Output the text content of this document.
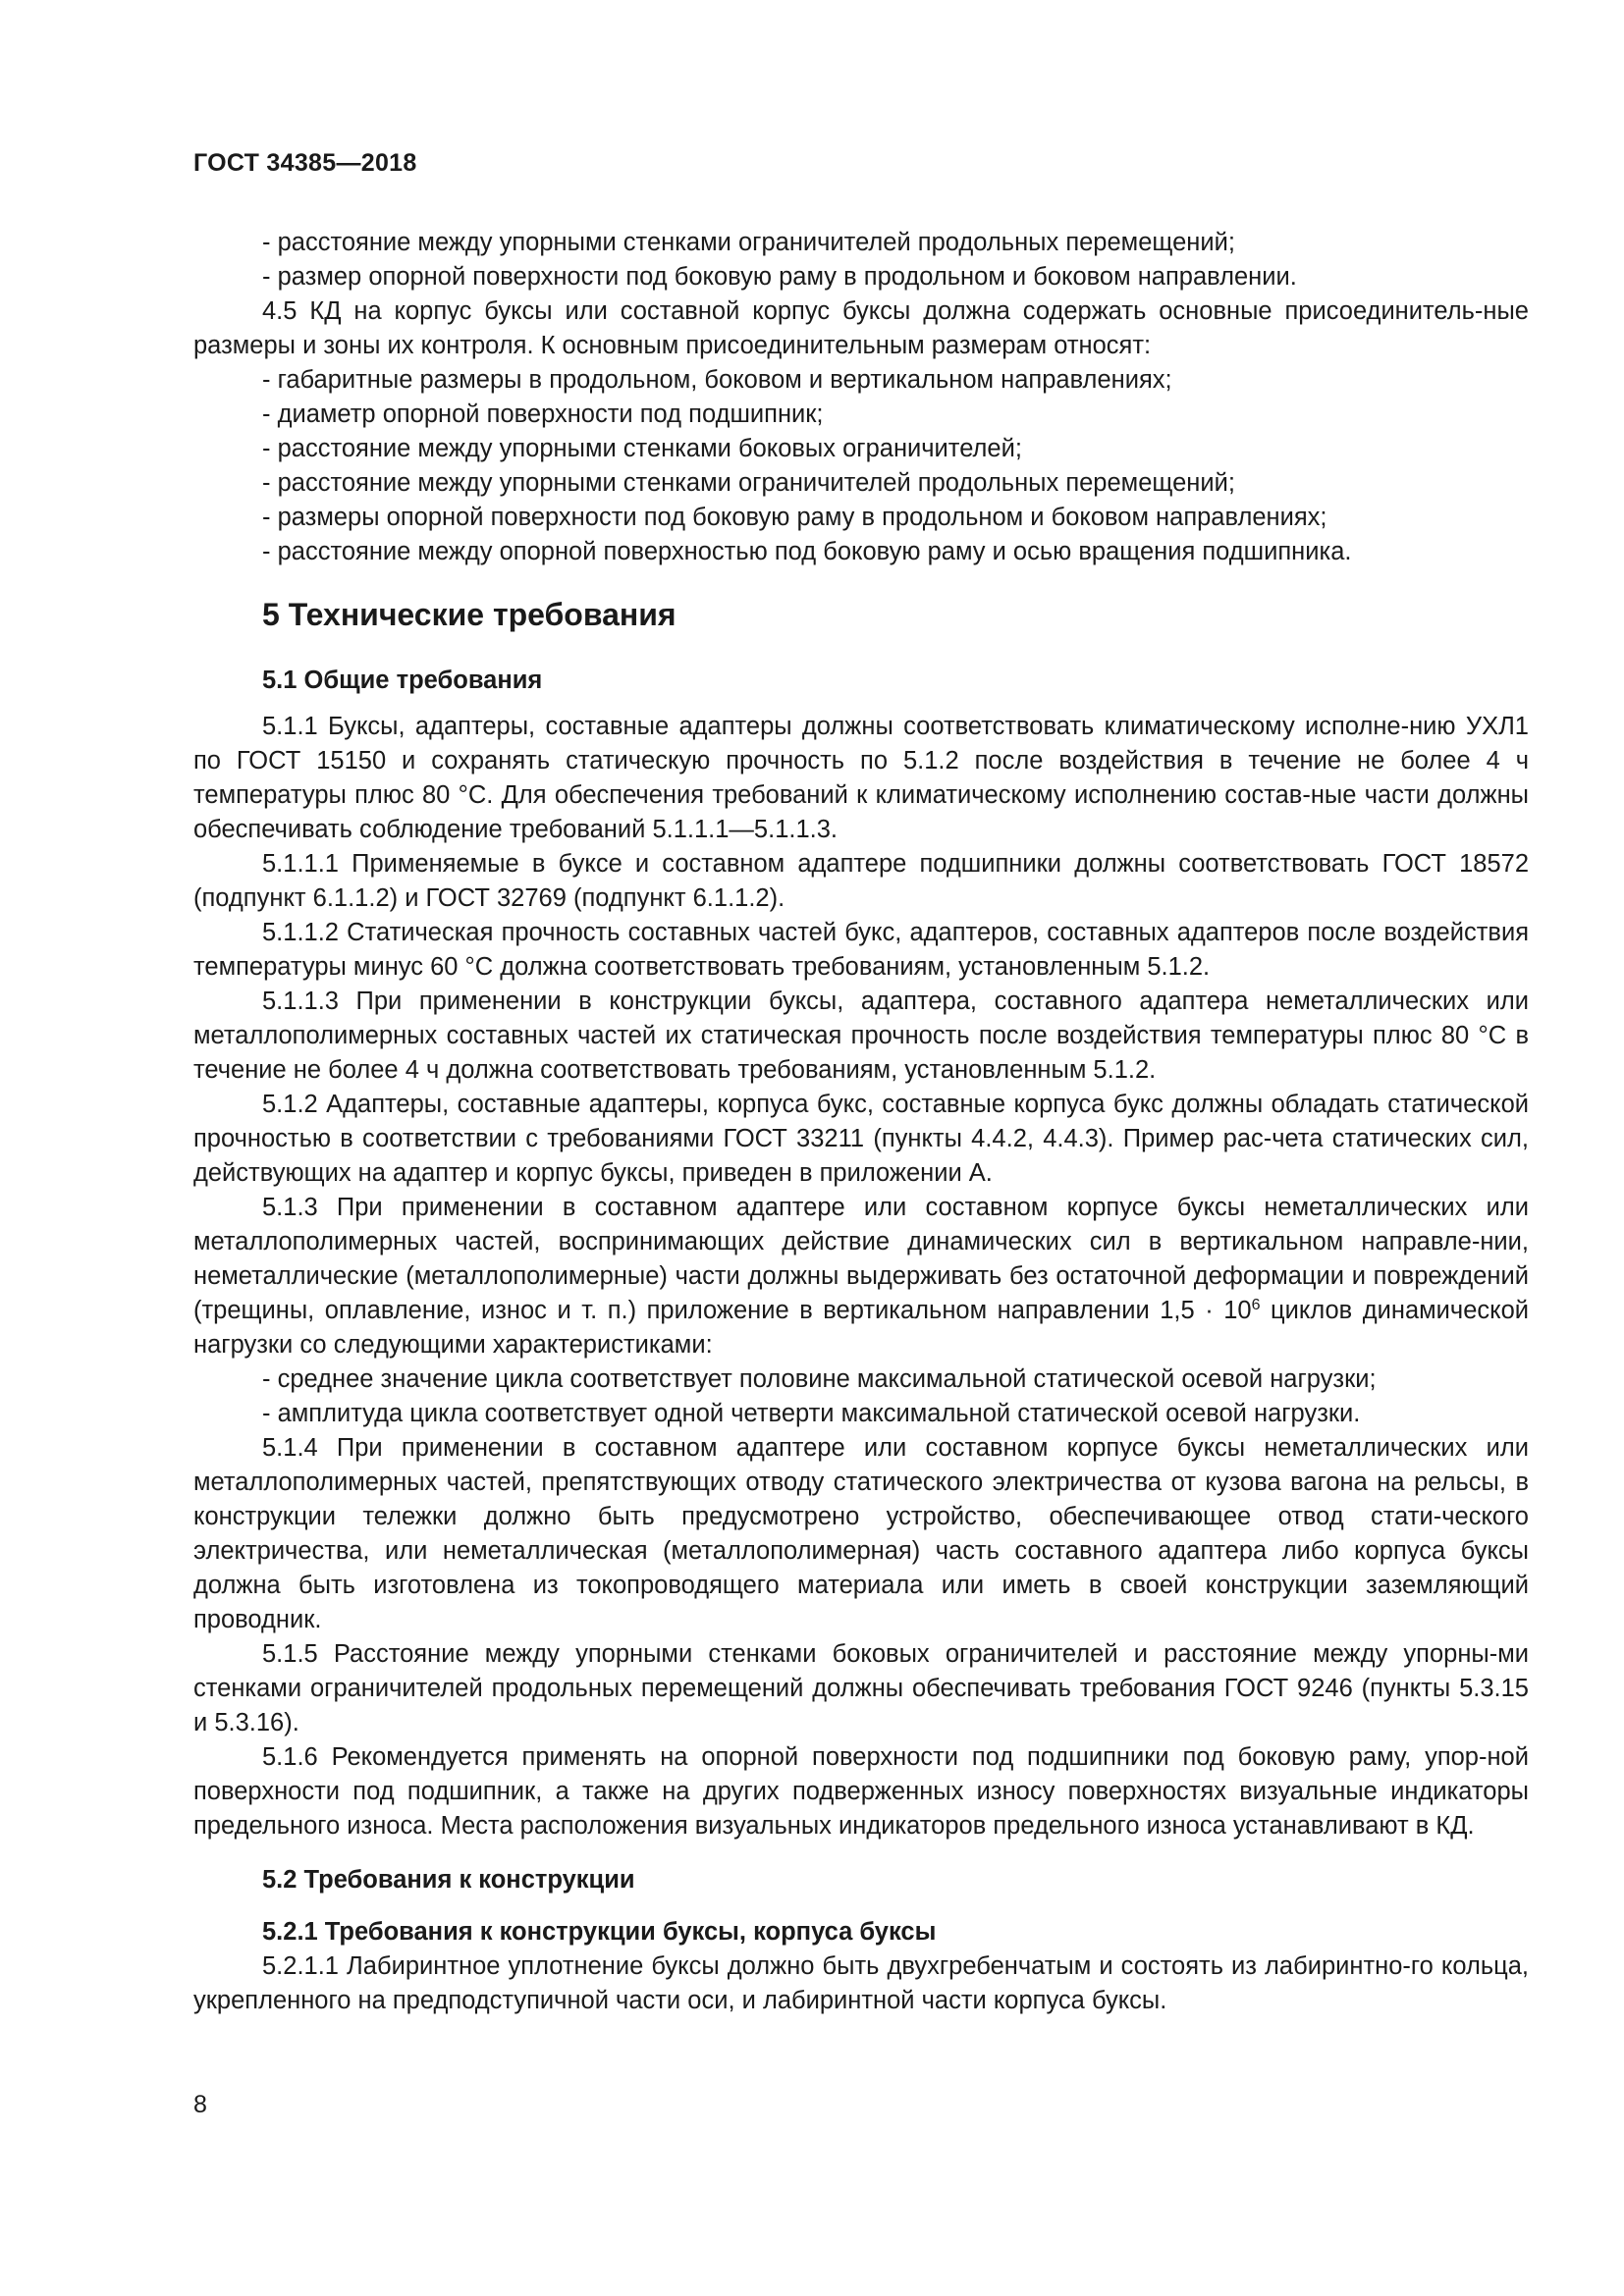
ГОСТ 34385—2018

- расстояние между упорными стенками ограничителей продольных перемещений;

- размер опорной поверхности под боковую раму в продольном и боковом направлении.

4.5 КД на корпус буксы или составной корпус буксы должна содержать основные присоединитель-ные размеры и зоны их контроля. К основным присоединительным размерам относят:

- габаритные размеры в продольном, боковом и вертикальном направлениях;

- диаметр опорной поверхности под подшипник;

- расстояние между упорными стенками боковых ограничителей;

- расстояние между упорными стенками ограничителей продольных перемещений;

- размеры опорной поверхности под боковую раму в продольном и боковом направлениях;

- расстояние между опорной поверхностью под боковую раму и осью вращения подшипника.

5 Технические требования
5.1 Общие требования

5.1.1 Буксы, адаптеры, составные адаптеры должны соответствовать климатическому исполне-нию УХЛ1 по ГОСТ 15150 и сохранять статическую прочность по 5.1.2 после воздействия в течение не более 4 ч температуры плюс 80 °С. Для обеспечения требований к климатическому исполнению состав-ные части должны обеспечивать соблюдение требований 5.1.1.1—5.1.1.3.

5.1.1.1 Применяемые в буксе и составном адаптере подшипники должны соответствовать ГОСТ 18572 (подпункт 6.1.1.2) и ГОСТ 32769 (подпункт 6.1.1.2).

5.1.1.2 Статическая прочность составных частей букс, адаптеров, составных адаптеров после воздействия температуры минус 60 °С должна соответствовать требованиям, установленным 5.1.2.

5.1.1.3 При применении в конструкции буксы, адаптера, составного адаптера неметаллических или металлополимерных составных частей их статическая прочность после воздействия температуры плюс 80 °С в течение не более 4 ч должна соответствовать требованиям, установленным 5.1.2.

5.1.2 Адаптеры, составные адаптеры, корпуса букс, составные корпуса букс должны обладать статической прочностью в соответствии с требованиями ГОСТ 33211 (пункты 4.4.2, 4.4.3). Пример рас-чета статических сил, действующих на адаптер и корпус буксы, приведен в приложении А.

5.1.3 При применении в составном адаптере или составном корпусе буксы неметаллических или металлополимерных частей, воспринимающих действие динамических сил в вертикальном направле-нии, неметаллические (металлополимерные) части должны выдерживать без остаточной деформации и повреждений (трещины, оплавление, износ и т. п.) приложение в вертикальном направлении $1,5 \cdot 10^6$ циклов динамической нагрузки со следующими характеристиками:

- среднее значение цикла соответствует половине максимальной статической осевой нагрузки;

- амплитуда цикла соответствует одной четверти максимальной статической осевой нагрузки.

5.1.4 При применении в составном адаптере или составном корпусе буксы неметаллических или металлополимерных частей, препятствующих отводу статического электричества от кузова вагона на рельсы, в конструкции тележки должно быть предусмотрено устройство, обеспечивающее отвод стати-ческого электричества, или неметаллическая (металлополимерная) часть составного адаптера либо корпуса буксы должна быть изготовлена из токопроводящего материала или иметь в своей конструкции заземляющий проводник.

5.1.5 Расстояние между упорными стенками боковых ограничителей и расстояние между упорны-ми стенками ограничителей продольных перемещений должны обеспечивать требования ГОСТ 9246 (пункты 5.3.15 и 5.3.16).

5.1.6 Рекомендуется применять на опорной поверхности под подшипники под боковую раму, упор-ной поверхности под подшипник, а также на других подверженных износу поверхностях визуальные индикаторы предельного износа. Места расположения визуальных индикаторов предельного износа устанавливают в КД.

5.2 Требования к конструкции
5.2.1 Требования к конструкции буксы, корпуса буксы

5.2.1.1 Лабиринтное уплотнение буксы должно быть двухгребенчатым и состоять из лабиринтно-го кольца, укрепленного на предподступичной части оси, и лабиринтной части корпуса буксы.

8
